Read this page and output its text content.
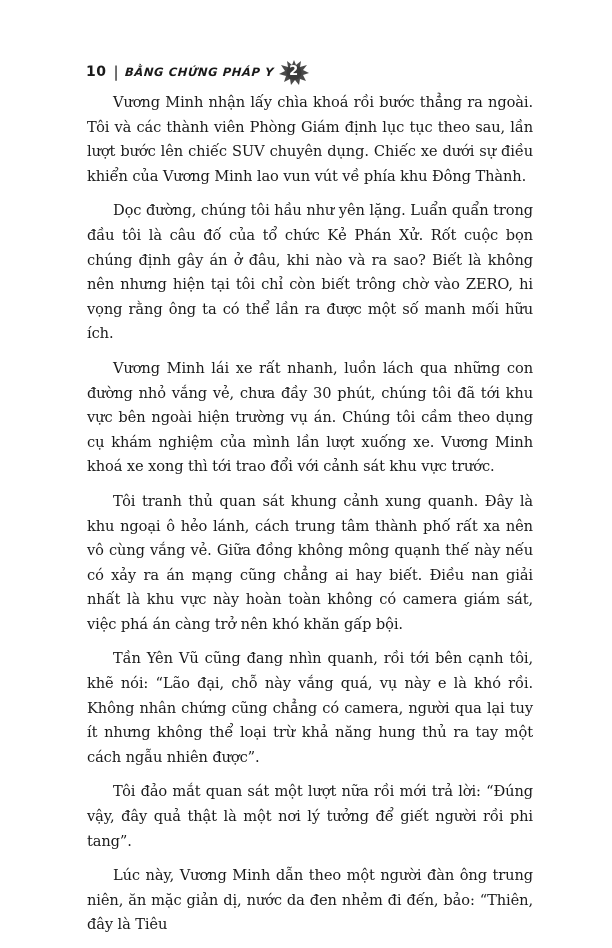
10 | BẰNG CHỨNG PHÁP Y	2

Vương Minh nhận lấy chìa khoá rồi bước thẳng ra ngoài. Tôi và các thành viên Phòng Giám định lục tục theo sau, lần lượt bước lên chiếc SUV chuyên dụng. Chiếc xe dưới sự điều khiển của Vương Minh lao vun vút về phía khu Đông Thành.

Dọc đường, chúng tôi hầu như yên lặng. Luẩn quẩn trong đầu tôi là câu đố của tổ chức Kẻ Phán Xử. Rốt cuộc bọn chúng định gây án ở đâu, khi nào và ra sao? Biết là không nên nhưng hiện tại tôi chỉ còn biết trông chờ vào ZERO, hi vọng rằng ông ta có thể lần ra được một số manh mối hữu ích.

Vương Minh lái xe rất nhanh, luồn lách qua những con đường nhỏ vắng vẻ, chưa đầy 30 phút, chúng tôi đã tới khu vực bên ngoài hiện trường vụ án. Chúng tôi cầm theo dụng cụ khám nghiệm của mình lần lượt xuống xe. Vương Minh khoá xe xong thì tới trao đổi với cảnh sát khu vực trước.

Tôi tranh thủ quan sát khung cảnh xung quanh. Đây là khu ngoại ô hẻo lánh, cách trung tâm thành phố rất xa nên vô cùng vắng vẻ. Giữa đồng không mông quạnh thế này nếu có xảy ra án mạng cũng chẳng ai hay biết. Điều nan giải nhất là khu vực này hoàn toàn không có camera giám sát, việc phá án càng trở nên khó khăn gấp bội.

Tần Yên Vũ cũng đang nhìn quanh, rồi tới bên cạnh tôi, khẽ nói: “Lão đại, chỗ này vắng quá, vụ này e là khó rồi. Không nhân chứng cũng chẳng có camera, người qua lại tuy ít nhưng không thể loại trừ khả năng hung thủ ra tay một cách ngẫu nhiên được”.

Tôi đảo mắt quan sát một lượt nữa rồi mới trả lời: “Đúng vậy, đây quả thật là một nơi lý tưởng để giết người rồi phi tang”.

Lúc này, Vương Minh dẫn theo một người đàn ông trung niên, ăn mặc giản dị, nước da đen nhẻm đi đến, bảo: “Thiên, đây là Tiêu
